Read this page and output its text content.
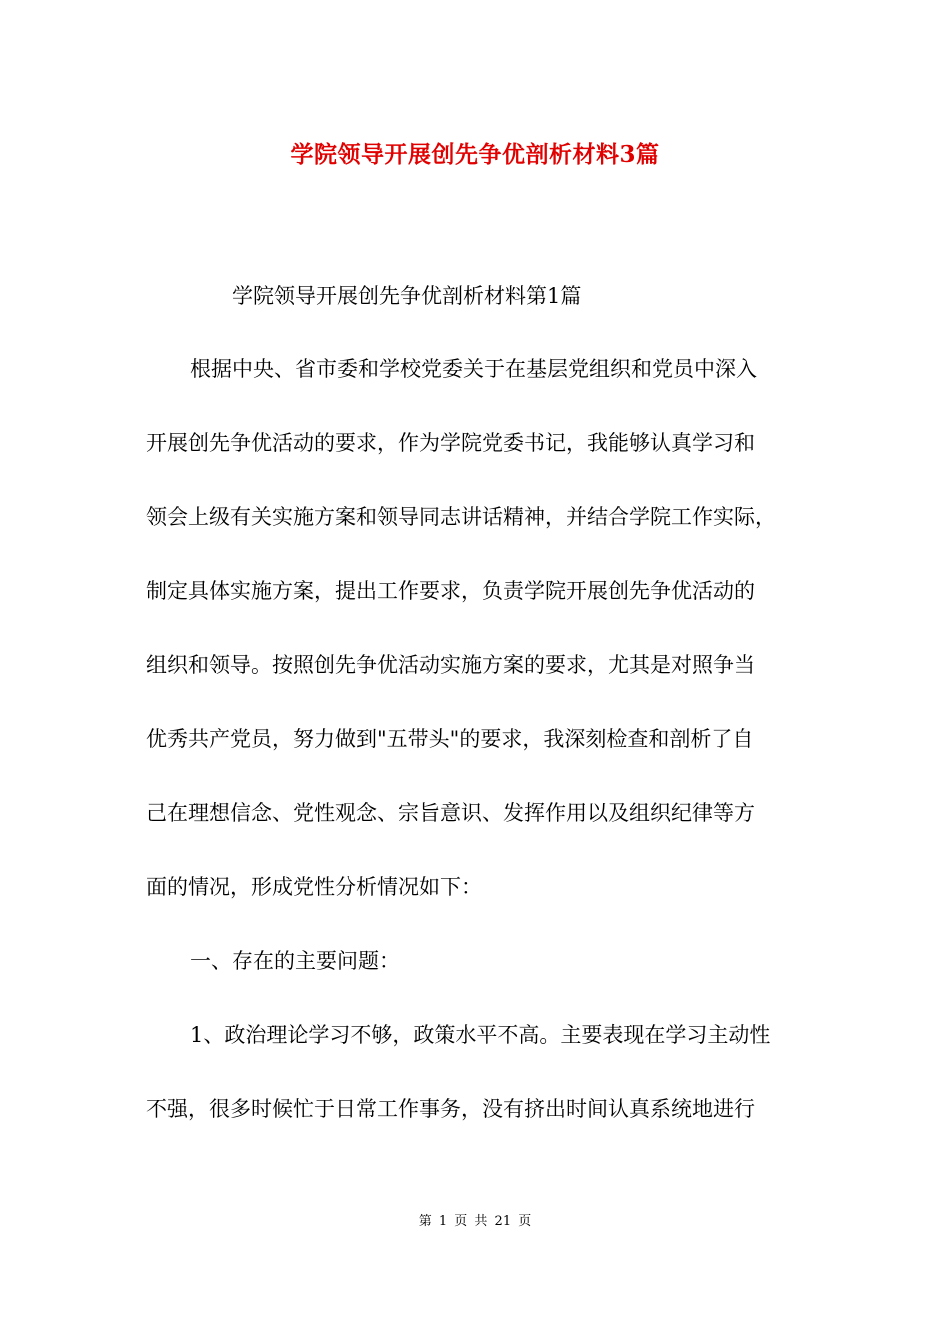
学院领导开展创先争优剖析材料3篇
学院领导开展创先争优剖析材料第1篇
根据中央、省市委和学校党委关于在基层党组织和党员中深入
开展创先争优活动的要求，作为学院党委书记，我能够认真学习和
领会上级有关实施方案和领导同志讲话精神，并结合学院工作实际，
制定具体实施方案，提出工作要求，负责学院开展创先争优活动的
组织和领导。按照创先争优活动实施方案的要求，尤其是对照争当
优秀共产党员，努力做到"五带头"的要求，我深刻检查和剖析了自
己在理想信念、党性观念、宗旨意识、发挥作用以及组织纪律等方
面的情况，形成党性分析情况如下：
一、存在的主要问题：
1、政治理论学习不够，政策水平不高。主要表现在学习主动性
不强，很多时候忙于日常工作事务，没有挤出时间认真系统地进行
第 1 页 共 21 页
